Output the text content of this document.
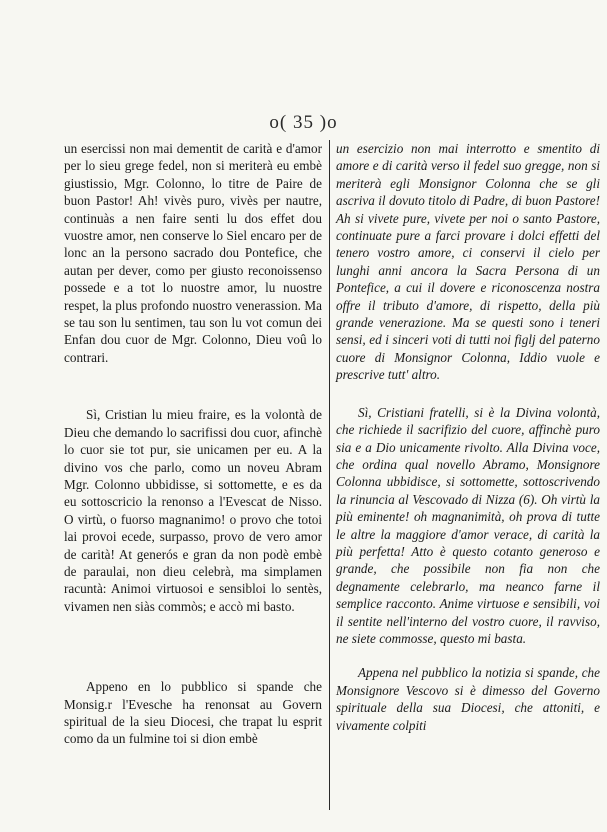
o( 35 )o

un esercissi non mai dementit de carità e d'amor per lo sieu grege fedel, non si meriterà eu embè giustissio, Mgr. Colonno, lo titre de Paire de buon Pastor! Ah! vivès puro, vivès per nautre, continuàs a nen faire senti lu dos effet dou vuostre amor, nen conserve lo Siel encaro per de lonc an la persono sacrado dou Pontefice, che autan per dever, como per giusto reconoissenso possede e a tot lo nuostre amor, lu nuostre respet, la plus profondo nuostro venerassion. Ma se tau son lu sentimen, tau son lu vot comun dei Enfan dou cuor de Mgr. Colonno, Dieu voû lo contrari.

Sì, Cristian lu mieu fraire, es la volontà de Dieu che demando lo sacrifissi dou cuor, afinchè lo cuor sie tot pur, sie unicamen per eu. A la divino vos che parlo, como un noveu Abram Mgr. Colonno ubbidisse, si sottomette, e es da eu sottoscricio la renonso a l'Evescat de Nisso. O virtù, o fuorso magnanimo! o provo che totoi lai provoi ecede, surpasso, provo de vero amor de carità! At generós e gran da non podè embè de paraulai, non dieu celebrà, ma simplamen racuntà: Animoi virtuosoi e sensibloi lo sentès, vivamen nen siàs commòs; e accò mi basto.

Appeno en lo pubblico si spande che Monsig.r l'Evesche ha renonsat au Govern spiritual de la sieu Diocesi, che trapat lu esprit como da un fulmine toi si dion embè

un esercizio non mai interrotto e smentito di amore e di carità verso il fedel suo gregge, non si meriterà egli Monsignor Colonna che se gli ascriva il dovuto titolo di Padre, di buon Pastore! Ah si vivete pure, vivete per noi o santo Pastore, continuate pure a farci provare i dolci effetti del tenero vostro amore, ci conservi il cielo per lunghi anni ancora la Sacra Persona di un Pontefice, a cui il dovere e riconoscenza nostra offre il tributo d'amore, di rispetto, della più grande venerazione. Ma se questi sono i teneri sensi, ed i sinceri voti di tutti noi figlj del paterno cuore di Monsignor Colonna, Iddio vuole e prescrive tutt' altro.

Sì, Cristiani fratelli, si è la Divina volontà, che richiede il sacrifizio del cuore, affinchè puro sia e a Dio unicamente rivolto. Alla Divina voce, che ordina qual novello Abramo, Monsignore Colonna ubbidisce, si sottomette, sottoscrivendo la rinuncia al Vescovado di Nizza (6). Oh virtù la più eminente! oh magnanimità, oh prova di tutte le altre la maggiore d'amor verace, di carità la più perfetta! Atto è questo cotanto generoso e grande, che possibile non fia non che degnamente celebrarlo, ma neanco farne il semplice racconto. Anime virtuose e sensibili, voi il sentite nell'interno del vostro cuore, il ravviso, ne siete commosse, questo mi basta.

Appena nel pubblico la notizia si spande, che Monsignore Vescovo si è dimesso del Governo spirituale della sua Diocesi, che attoniti, e vivamente colpiti
